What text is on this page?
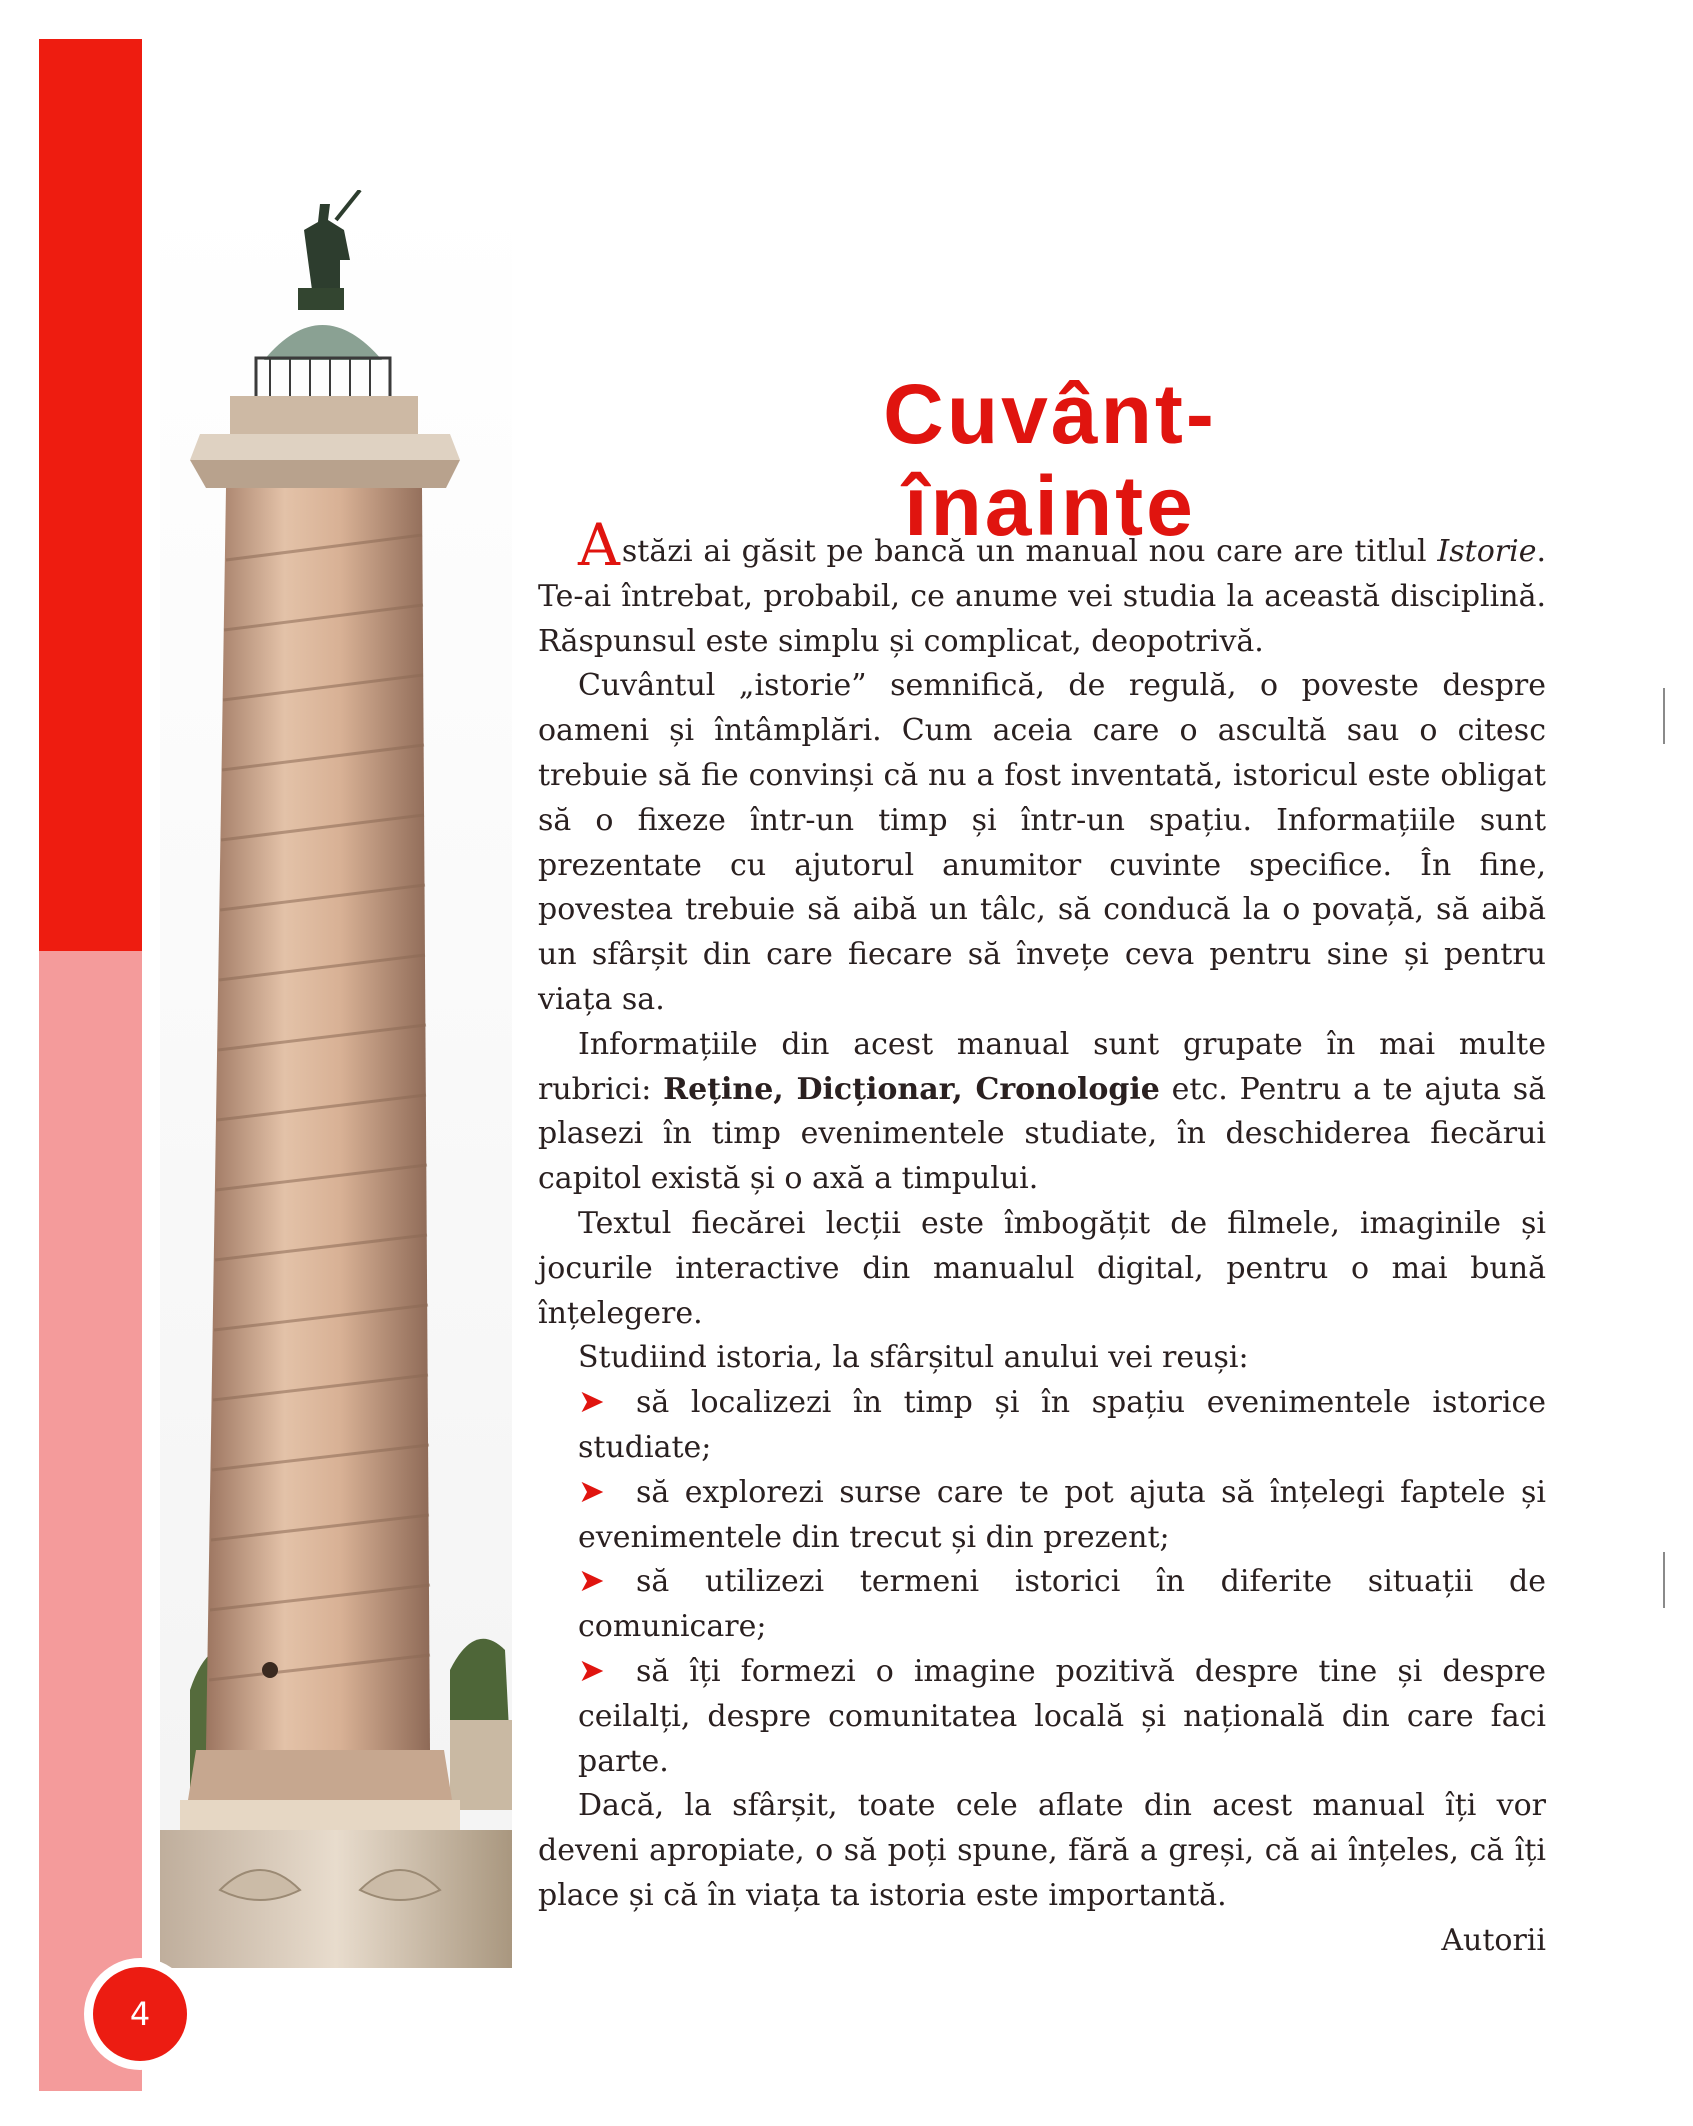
Cuvânt-înainte

Astăzi ai găsit pe bancă un manual nou care are titlul Istorie. Te-ai întrebat, probabil, ce anume vei studia la această disciplină. Răspunsul este simplu și complicat, deopotrivă.

Cuvântul „istorie” semnifică, de regulă, o poveste despre oameni și întâmplări. Cum aceia care o ascultă sau o citesc trebuie să fie convinși că nu a fost inventată, istoricul este obligat să o fixeze într-un timp și într-un spațiu. Informațiile sunt prezentate cu ajutorul anumitor cuvinte specifice. În fine, povestea trebuie să aibă un tâlc, să conducă la o povață, să aibă un sfârșit din care fiecare să învețe ceva pentru sine și pentru viața sa.

Informațiile din acest manual sunt grupate în mai multe rubrici: Reține, Dicționar, Cronologie etc. Pentru a te ajuta să plasezi în timp evenimentele studiate, în deschiderea fiecărui capitol există și o axă a timpului.

Textul fiecărei lecții este îmbogățit de filmele, imaginile și jocurile interactive din manualul digital, pentru o mai bună înțelegere.

Studiind istoria, la sfârșitul anului vei reuși:

➤ să localizezi în timp și în spațiu evenimentele istorice studiate;
➤ să explorezi surse care te pot ajuta să înțelegi faptele și evenimentele din trecut și din prezent;
➤ să utilizezi termeni istorici în diferite situații de comunicare;
➤ să îți formezi o imagine pozitivă despre tine și despre ceilalți, despre comunitatea locală și națională din care faci parte.

Dacă, la sfârșit, toate cele aflate din acest manual îți vor deveni apropiate, o să poți spune, fără a greși, că ai înțeles, că îți place și că în viața ta istoria este importantă.

Autorii

4
